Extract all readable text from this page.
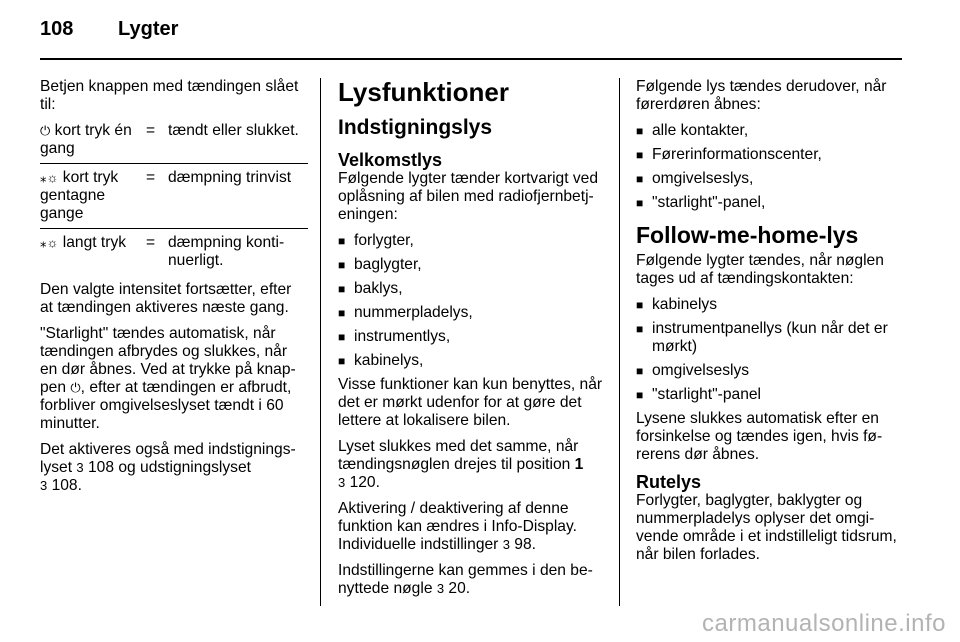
108 Lygter

Betjen knappen med tændingen slået til:

⏻ kort tryk én gang	=	tændt eller slukket.
⁎☼ kort tryk gentagne gange	=	dæmpning trinvist
⁎☼ langt tryk	=	dæmpning kontinuerligt.

Den valgte intensitet fortsætter, efter at tændingen aktiveres næste gang.

"Starlight" tændes automatisk, når tændingen afbrydes og slukkes, når en dør åbnes. Ved at trykke på knappen ⏻, efter at tændingen er afbrudt, forbliver omgivelseslyset tændt i 60 minutter.

Det aktiveres også med indstigningslyset 3 108 og udstigningslyset
3 108.

Lysfunktioner
Indstigningslys
Velkomstlys

Følgende lygter tænder kortvarigt ved oplåsning af bilen med radiofjernbetjeningen:

■ forlygter,
■ baglygter,
■ baklys,
■ nummerpladelys,
■ instrumentlys,
■ kabinelys,

Visse funktioner kan kun benyttes, når det er mørkt udenfor for at gøre det lettere at lokalisere bilen.

Lyset slukkes med det samme, når tændingsnøglen drejes til position 1
3 120.

Aktivering / deaktivering af denne funktion kan ændres i Info-Display. Individuelle indstillinger 3 98.

Indstillingerne kan gemmes i den benyttede nøgle 3 20.

Følgende lys tændes derudover, når førerdøren åbnes:

■ alle kontakter,
■ Førerinformationscenter,
■ omgivelseslys,
■ "starlight"-panel,
Follow-me-home-lys

Følgende lygter tændes, når nøglen tages ud af tændingskontakten:

■ kabinelys
■ instrumentpanellys (kun når det er mørkt)
■ omgivelseslys
■ "starlight"-panel

Lysene slukkes automatisk efter en forsinkelse og tændes igen, hvis førerens dør åbnes.

Rutelys

Forlygter, baglygter, baklygter og nummerpladelys oplyser det omgivende område i et indstilleligt tidsrum, når bilen forlades.

carmanualsonline.info
